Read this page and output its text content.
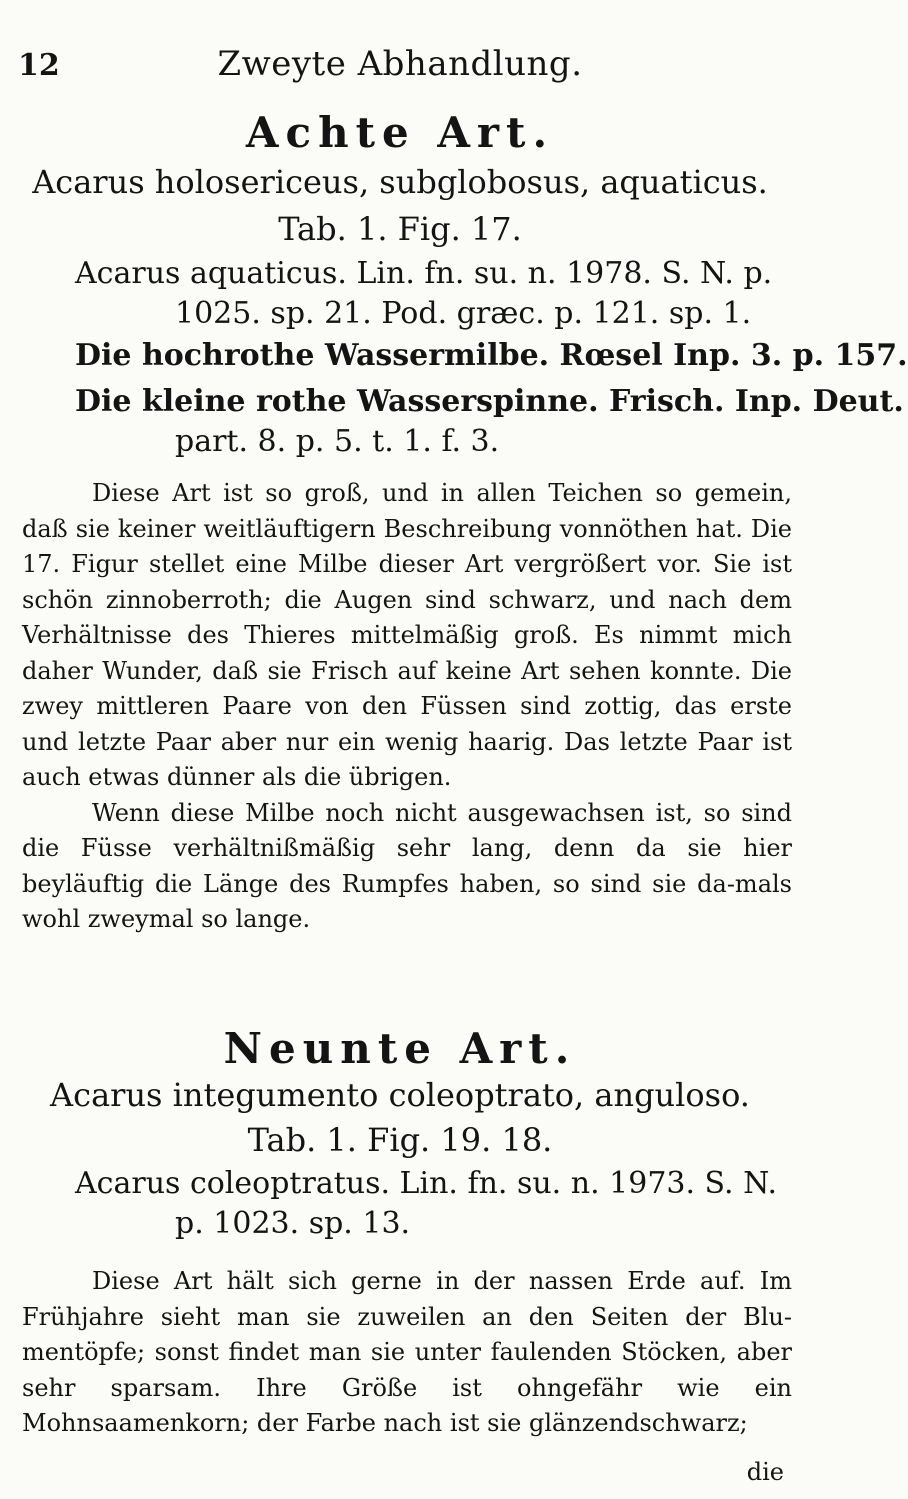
12	Zweyte Abhandlung.
Achte Art.
Acarus holosericeus, subglobosus, aquaticus.
Tab. 1. Fig. 17.
Acarus aquaticus. Lin. fn. su. n. 1978. S. N. p.
1025. sp. 21. Pod. græc. p. 121. sp. 1.
Die hochrothe Wassermilbe. Rœsel Inp. 3. p. 157.
Die kleine rothe Wasserspinne. Frisch. Inp. Deut.
part. 8. p. 5. t. 1. f. 3.

Diese Art ist so groß, und in allen Teichen so gemein, daß sie keiner weitläuftigern Beschreibung vonnöthen hat. Die 17. Figur stellet eine Milbe dieser Art vergrößert vor. Sie ist schön zinnoberroth; die Augen sind schwarz, und nach dem Verhältnisse des Thieres mittelmäßig groß. Es nimmt mich daher Wunder, daß sie Frisch auf keine Art sehen konnte. Die zwey mittleren Paare von den Füssen sind zottig, das erste und letzte Paar aber nur ein wenig haarig. Das letzte Paar ist auch etwas dünner als die übrigen.

Wenn diese Milbe noch nicht ausgewachsen ist, so sind die Füsse verhältnißmäßig sehr lang, denn da sie hier beyläuftig die Länge des Rumpfes haben, so sind sie da-mals wohl zweymal so lange.

Neunte Art.
Acarus integumento coleoptrato, anguloso.
Tab. 1. Fig. 19. 18.
Acarus coleoptratus. Lin. fn. su. n. 1973. S. N.
p. 1023. sp. 13.

Diese Art hält sich gerne in der nassen Erde auf. Im Frühjahre sieht man sie zuweilen an den Seiten der Blu-mentöpfe; sonst findet man sie unter faulenden Stöcken, aber sehr sparsam. Ihre Größe ist ohngefähr wie ein Mohnsaamenkorn; der Farbe nach ist sie glänzendschwarz;

die
